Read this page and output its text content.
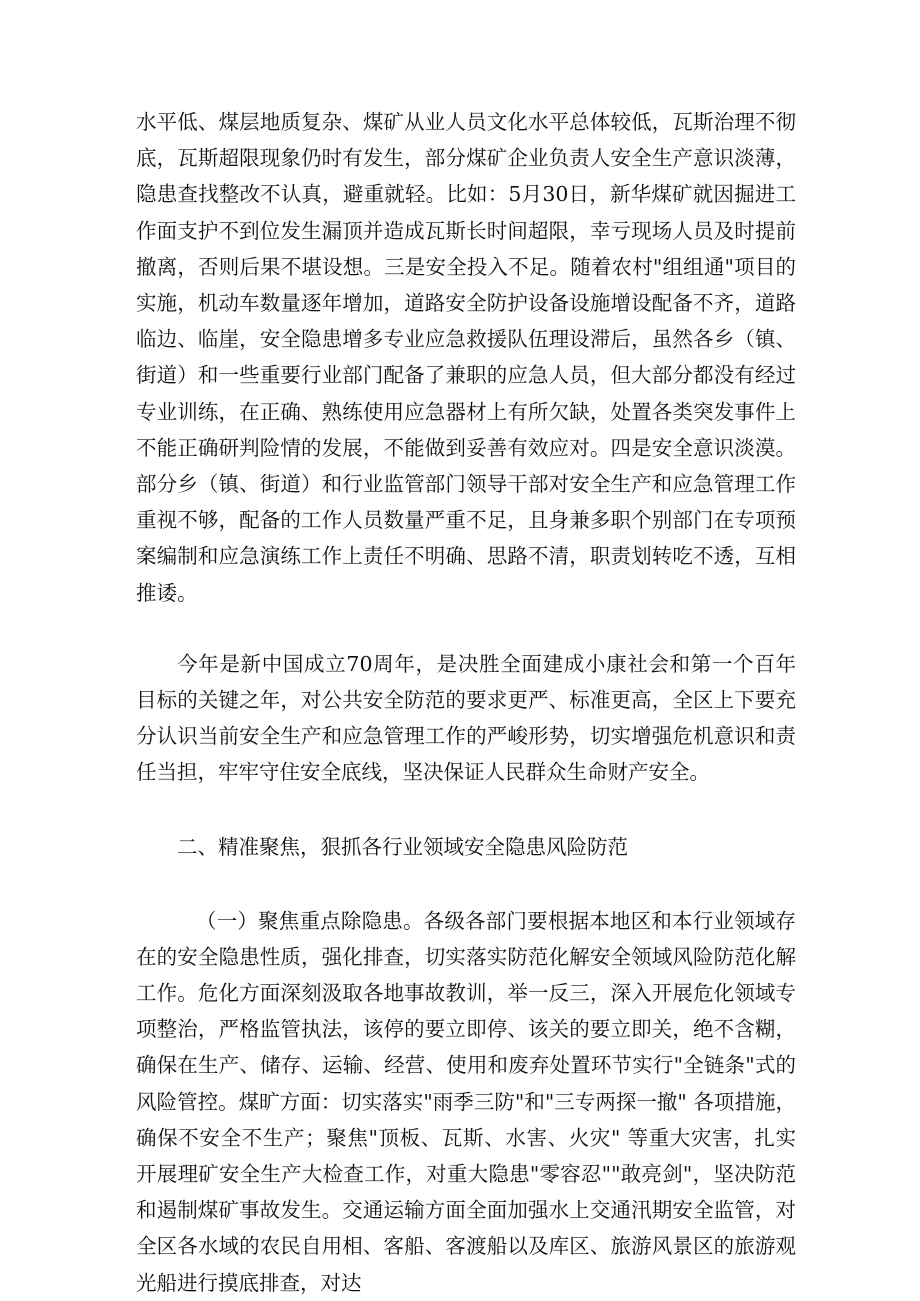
水平低、煤层地质复杂、煤矿从业人员文化水平总体较低，瓦斯治理不彻底，瓦斯超限现象仍时有发生，部分煤矿企业负责人安全生产意识淡薄，隐患查找整改不认真，避重就轻。比如：5月30日，新华煤矿就因掘进工作面支护不到位发生漏顶并造成瓦斯长时间超限，幸亏现场人员及时提前撤离，否则后果不堪设想。三是安全投入不足。随着农村"组组通"项目的实施，机动车数量逐年增加，道路安全防护设备设施增设配备不齐，道路临边、临崖，安全隐患增多专业应急救援队伍理设滞后，虽然各乡（镇、街道）和一些重要行业部门配备了兼职的应急人员，但大部分都没有经过专业训练，在正确、熟练使用应急器材上有所欠缺，处置各类突发事件上不能正确研判险情的发展，不能做到妥善有效应对。四是安全意识淡漠。部分乡（镇、街道）和行业监管部门领导干部对安全生产和应急管理工作重视不够，配备的工作人员数量严重不足，且身兼多职个别部门在专项预案编制和应急演练工作上责任不明确、思路不清，职责划转吃不透，互相推诿。

今年是新中国成立70周年，是决胜全面建成小康社会和第一个百年目标的关键之年，对公共安全防范的要求更严、标准更高，全区上下要充分认识当前安全生产和应急管理工作的严峻形势，切实增强危机意识和责任当担，牢牢守住安全底线，坚决保证人民群众生命财产安全。

二、精准聚焦，狠抓各行业领域安全隐患风险防范

（一）聚焦重点除隐患。各级各部门要根据本地区和本行业领域存在的安全隐患性质，强化排查，切实落实防范化解安全领域风险防范化解工作。危化方面深刻汲取各地事故教训，举一反三，深入开展危化领域专项整治，严格监管执法，该停的要立即停、该关的要立即关，绝不含糊，确保在生产、储存、运输、经营、使用和废弃处置环节实行"全链条"式的风险管控。煤旷方面：切实落实"雨季三防"和"三专两探一撤" 各项措施，确保不安全不生产；聚焦"顶板、瓦斯、水害、火灾" 等重大灾害，扎实开展理矿安全生产大检查工作，对重大隐患"零容忍""敢亮剑"，坚决防范和遏制煤矿事故发生。交通运输方面全面加强水上交通汛期安全监管，对全区各水域的农民自用相、客船、客渡船以及库区、旅游风景区的旅游观光船进行摸底排查，对达
